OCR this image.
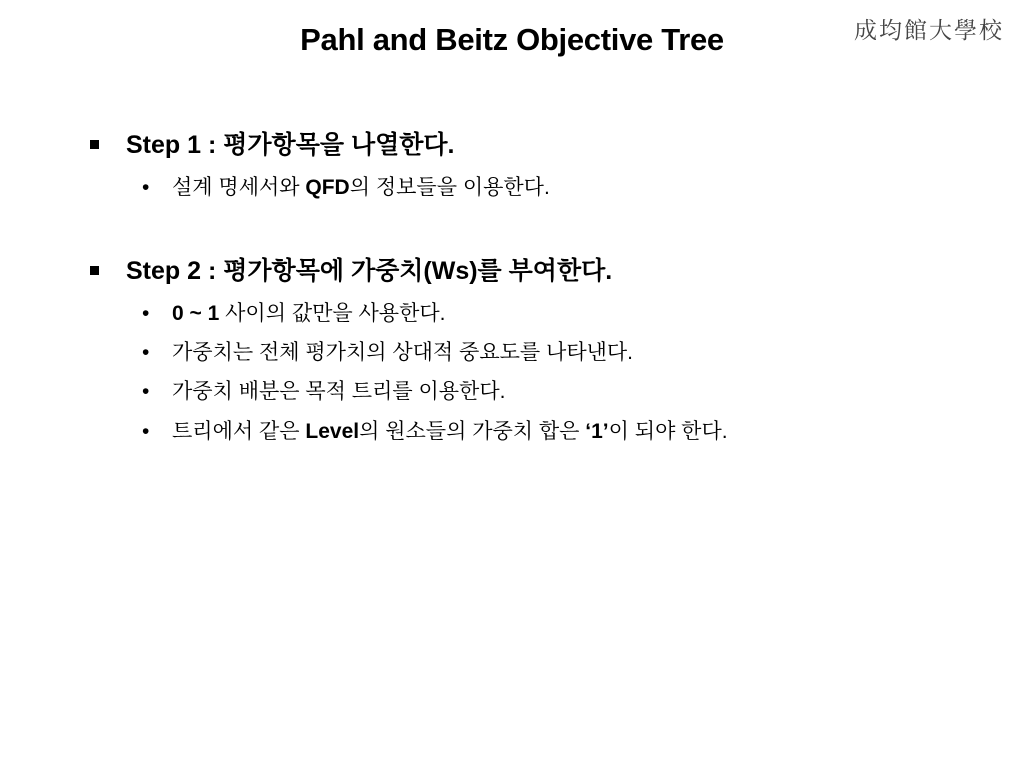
Pahl and Beitz Objective Tree	成均館大學校
Step 1 : 평가항목을 나열한다.
• 설계 명세서와 QFD의 정보들을 이용한다.
Step 2 : 평가항목에 가중치(Ws)를 부여한다.
• 0 ~ 1 사이의 값만을 사용한다.
• 가중치는 전체 평가치의 상대적 중요도를 나타낸다.
• 가중치 배분은 목적 트리를 이용한다.
• 트리에서 같은 Level의 원소들의 가중치 합은 ‘1’이 되야 한다.
